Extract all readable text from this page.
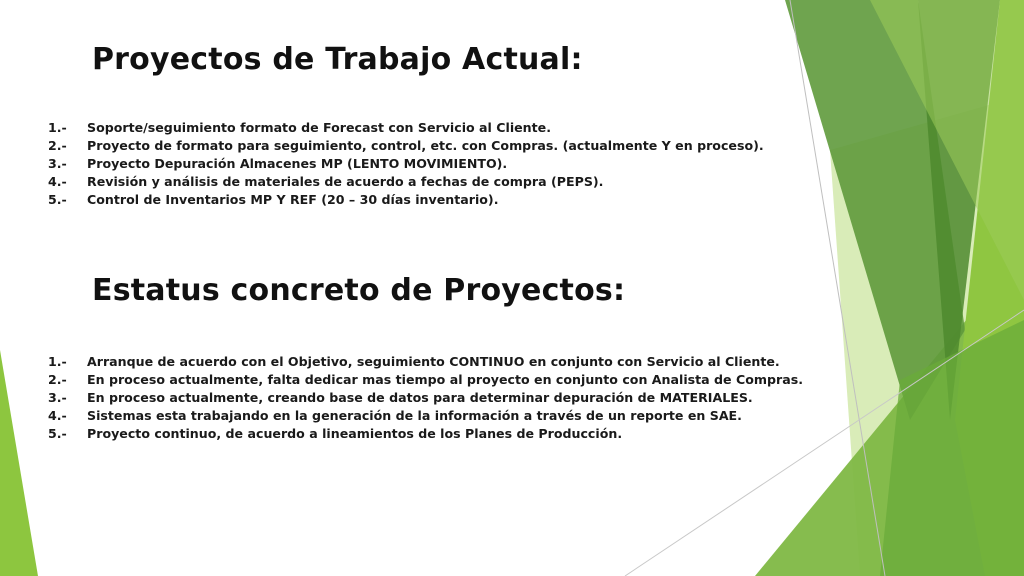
Proyectos de Trabajo Actual:
1.-	Soporte/seguimiento formato de Forecast con Servicio al Cliente.
2.-	Proyecto de formato para seguimiento, control, etc. con Compras. (actualmente Y en proceso).
3.-	Proyecto Depuración Almacenes MP (LENTO MOVIMIENTO).
4.-	Revisión y análisis de materiales de acuerdo a fechas de compra (PEPS).
5.-	Control de Inventarios MP Y REF (20 – 30 días inventario).
Estatus concreto de Proyectos:
1.-	Arranque de acuerdo con el Objetivo, seguimiento CONTINUO en conjunto con Servicio al Cliente.
2.-	En proceso actualmente, falta dedicar mas tiempo al proyecto en conjunto con Analista de Compras.
3.-	En proceso actualmente, creando base de datos para determinar depuración de MATERIALES.
4.-	Sistemas esta trabajando en la generación de la información a través de un reporte en SAE.
5.-	Proyecto continuo, de acuerdo a lineamientos de los Planes de Producción.
